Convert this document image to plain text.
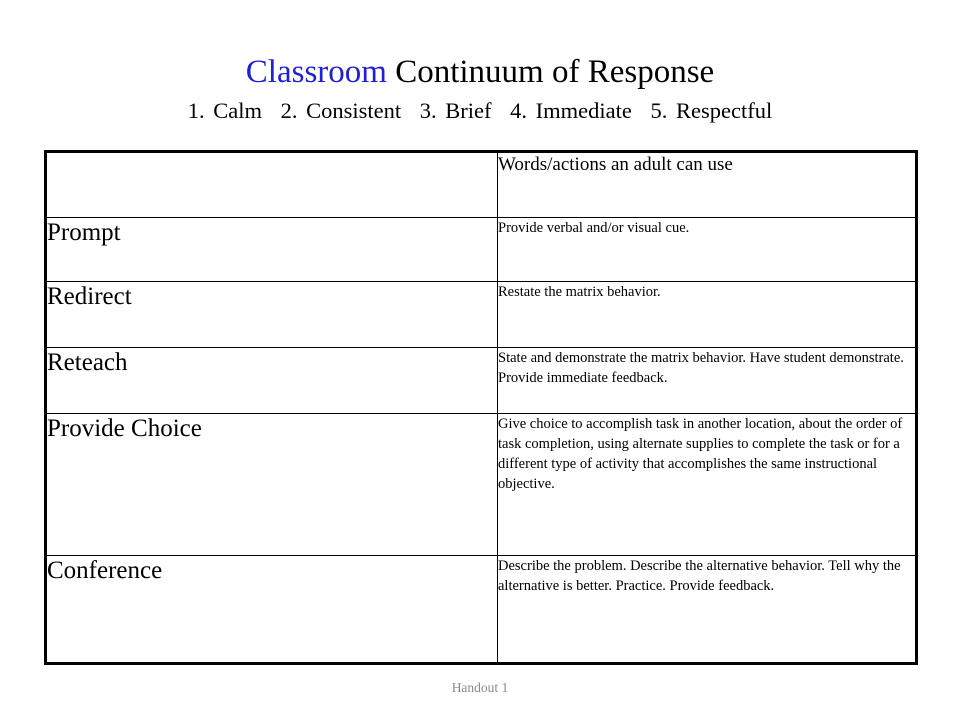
Classroom Continuum of Response
1. Calm 2. Consistent 3. Brief 4. Immediate 5. Respectful
	Words/actions an adult can use
Prompt	Provide verbal and/or visual cue.
Redirect	Restate the matrix behavior.
Reteach	State and demonstrate the matrix behavior. Have student demonstrate. Provide immediate feedback.
Provide Choice	Give choice to accomplish task in another location, about the order of task completion, using alternate supplies to complete the task or for a different type of activity that accomplishes the same instructional objective.
Conference	Describe the problem. Describe the alternative behavior. Tell why the alternative is better. Practice. Provide feedback.
Handout 1
